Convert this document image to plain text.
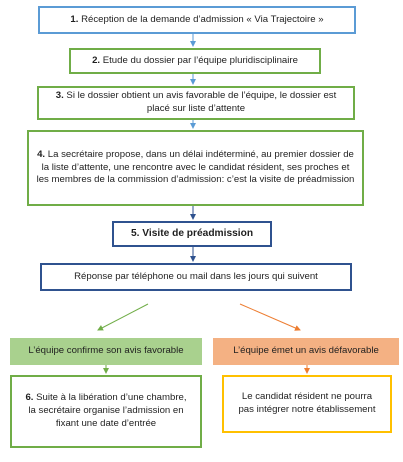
1. Réception de la demande d’admission « Via Trajectoire »
2. Etude du dossier par l’équipe pluridisciplinaire
3. Si le dossier obtient un avis favorable de l’équipe, le dossier est placé sur liste d’attente
4. La secrétaire propose, dans un délai indéterminé, au premier dossier de la liste d’attente, une rencontre avec le candidat résident, ses proches et les membres de la commission d’admission: c’est la visite de préadmission
5. Visite de préadmission
Réponse par téléphone ou mail dans les jours qui suivent
L’équipe confirme son avis favorable	L’équipe émet un avis défavorable
6. Suite à la libération d’une chambre, la secrétaire organise l’admission en fixant une date d’entrée
Le candidat résident ne pourra pas intégrer notre établissement
